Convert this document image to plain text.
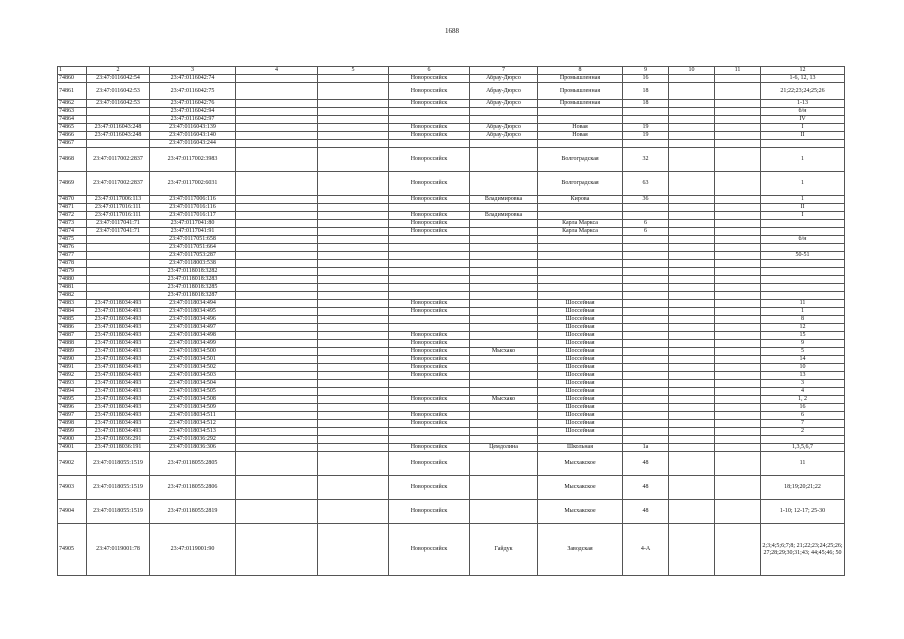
1688
1	2	3	4	5	6	7	8	9	10	11	12
74860	23:47:0116042:54	23:47:0116042:74			Новороссийск	Абрау-Дюрсо	Промышленная	16			1-6, 12, 13
74861	23:47:0116042:53	23:47:0116042:75			Новороссийск	Абрау-Дюрсо	Промышленная	18			21;22;23;24;25;26
74862	23:47:0116042:53	23:47:0116042:76			Новороссийск	Абрау-Дюрсо	Промышленная	18			1-13
74863		23:47:0116042:94									б/н
74864		23:47:0116042:97									IV
74865	23:47:0116043:248	23:47:0116043:139			Новороссийск	Абрау-Дюрсо	Новая	19			I
74866	23:47:0116043:248	23:47:0116043:140			Новороссийск	Абрау-Дюрсо	Новая	19			II
74867		23:47:0116043:244									
74868	23:47:0117002:2837	23:47:0117002:3983			Новороссийск		Волгоградская	32			1
74869	23:47:0117002:2837	23:47:0117002:6031			Новороссийск		Волгоградская	63			1
74870	23:47:0117006:113	23:47:0117006:116			Новороссийск	Владимировка	Кирова	36			1
74871	23:47:0117016:111	23:47:0117016:116									II
74872	23:47:0117016:111	23:47:0117016:117			Новороссийск	Владимировка					I
74873	23:47:0117041:71	23:47:0117041:80			Новороссийск		Карла Маркса	6			
74874	23:47:0117041:71	23:47:0117041:91			Новороссийск		Карла Маркса	6			
74875		23:47:0117051:658									б/н
74876		23:47:0117051:664									
74877		23:47:0117053:287									50-51
74878		23:47:0118003:538									
74879		23:47:0118018:3282									
74880		23:47:0118018:3283									
74881		23:47:0118018:3285									
74882		23:47:0118018:3287									
74883	23:47:0118034:493	23:47:0118034:494			Новороссийск		Шоссейная				11
74884	23:47:0118034:493	23:47:0118034:495			Новороссийск		Шоссейная				1
74885	23:47:0118034:493	23:47:0118034:496					Шоссейная				8
74886	23:47:0118034:493	23:47:0118034:497					Шоссейная				12
74887	23:47:0118034:493	23:47:0118034:498			Новороссийск		Шоссейная				15
74888	23:47:0118034:493	23:47:0118034:499			Новороссийск		Шоссейная				9
74889	23:47:0118034:493	23:47:0118034:500			Новороссийск	Мысхако	Шоссейная				5
74890	23:47:0118034:493	23:47:0118034:501			Новороссийск		Шоссейная				14
74891	23:47:0118034:493	23:47:0118034:502			Новороссийск		Шоссейная				10
74892	23:47:0118034:493	23:47:0118034:503			Новороссийск		Шоссейная				13
74893	23:47:0118034:493	23:47:0118034:504					Шоссейная				3
74894	23:47:0118034:493	23:47:0118034:505					Шоссейная				4
74895	23:47:0118034:493	23:47:0118034:508			Новороссийск	Мысхако	Шоссейная				1, 2
74896	23:47:0118034:493	23:47:0118034:509					Шоссейная				16
74897	23:47:0118034:493	23:47:0118034:511			Новороссийск		Шоссейная				6
74898	23:47:0118034:493	23:47:0118034:512			Новороссийск		Шоссейная				7
74899	23:47:0118034:493	23:47:0118034:513					Шоссейная				2
74900	23:47:0118036:291	23:47:0118036:292									
74901	23:47:0118036:191	23:47:0118036:306			Новороссийск	Цемдолина	Школьная	1а			1,3,5,6,7
74902	23:47:0118055:1519	23:47:0118055:2805			Новороссийск		Мысхакское	48			11
74903	23:47:0118055:1519	23:47:0118055:2806			Новороссийск		Мысхакское	48			18;19;20;21;22
74904	23:47:0118055:1519	23:47:0118055:2819			Новороссийск		Мысхакское	48			1-10; 12-17; 25-30
74905	23:47:0119001:78	23:47:0119001:90			Новороссийск	Гайдук	Заводская	4-А			2;3;4;5;6;7;8; 21;22;23;24;25;26; 27;28;29;30;31;43; 44;45;46; 50
